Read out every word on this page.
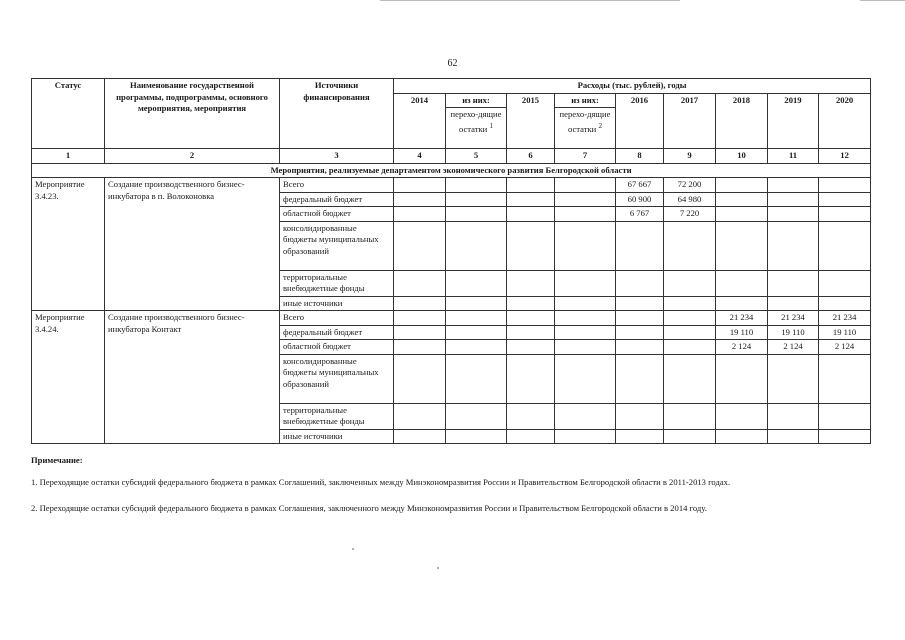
62
Статус	Наименование государственной программы, подпрограммы, основного мероприятия, мероприятия	Источники финансирования	Расходы (тыс. рублей), годы								
			2014	из них:	2015	из них:	2016	2017	2018	2019	2020
				перехо-дящие остатки $^1$		перехо-дящие остатки $^2$
1	2	3	4	5	6	7	8	9	10	11	12
Мероприятия, реализуемые департаментом экономического развития Белгородской области											
Мероприятие 3.4.23.	Создание производственного бизнес-инкубатора в п. Волоконовка	Всего					67 667	72 200			
		федеральный бюджет					60 900	64 980			
		областной бюджет					6 767	7 220			
		консолидированные бюджеты муниципальных образований									
		территориальные внебюджетные фонды									
		иные источники									
Мероприятие 3.4.24.	Создание производственного бизнес-инкубатора Контакт	Всего							21 234	21 234	21 234
		федеральный бюджет							19 110	19 110	19 110
		областной бюджет							2 124	2 124	2 124
		консолидированные бюджеты муниципальных образований									
		территориальные внебюджетные фонды									
		иные источники									
Примечание:
1. Переходящие остатки субсидий федерального бюджета в рамках Соглашений, заключенных между Минэкономразвития России и Правительством Белгородской области в 2011-2013 годах.
2. Переходящие остатки субсидий федерального бюджета в рамках Соглашения, заключенного между Минэкономразвития России и Правительством Белгородской области в 2014 году.
